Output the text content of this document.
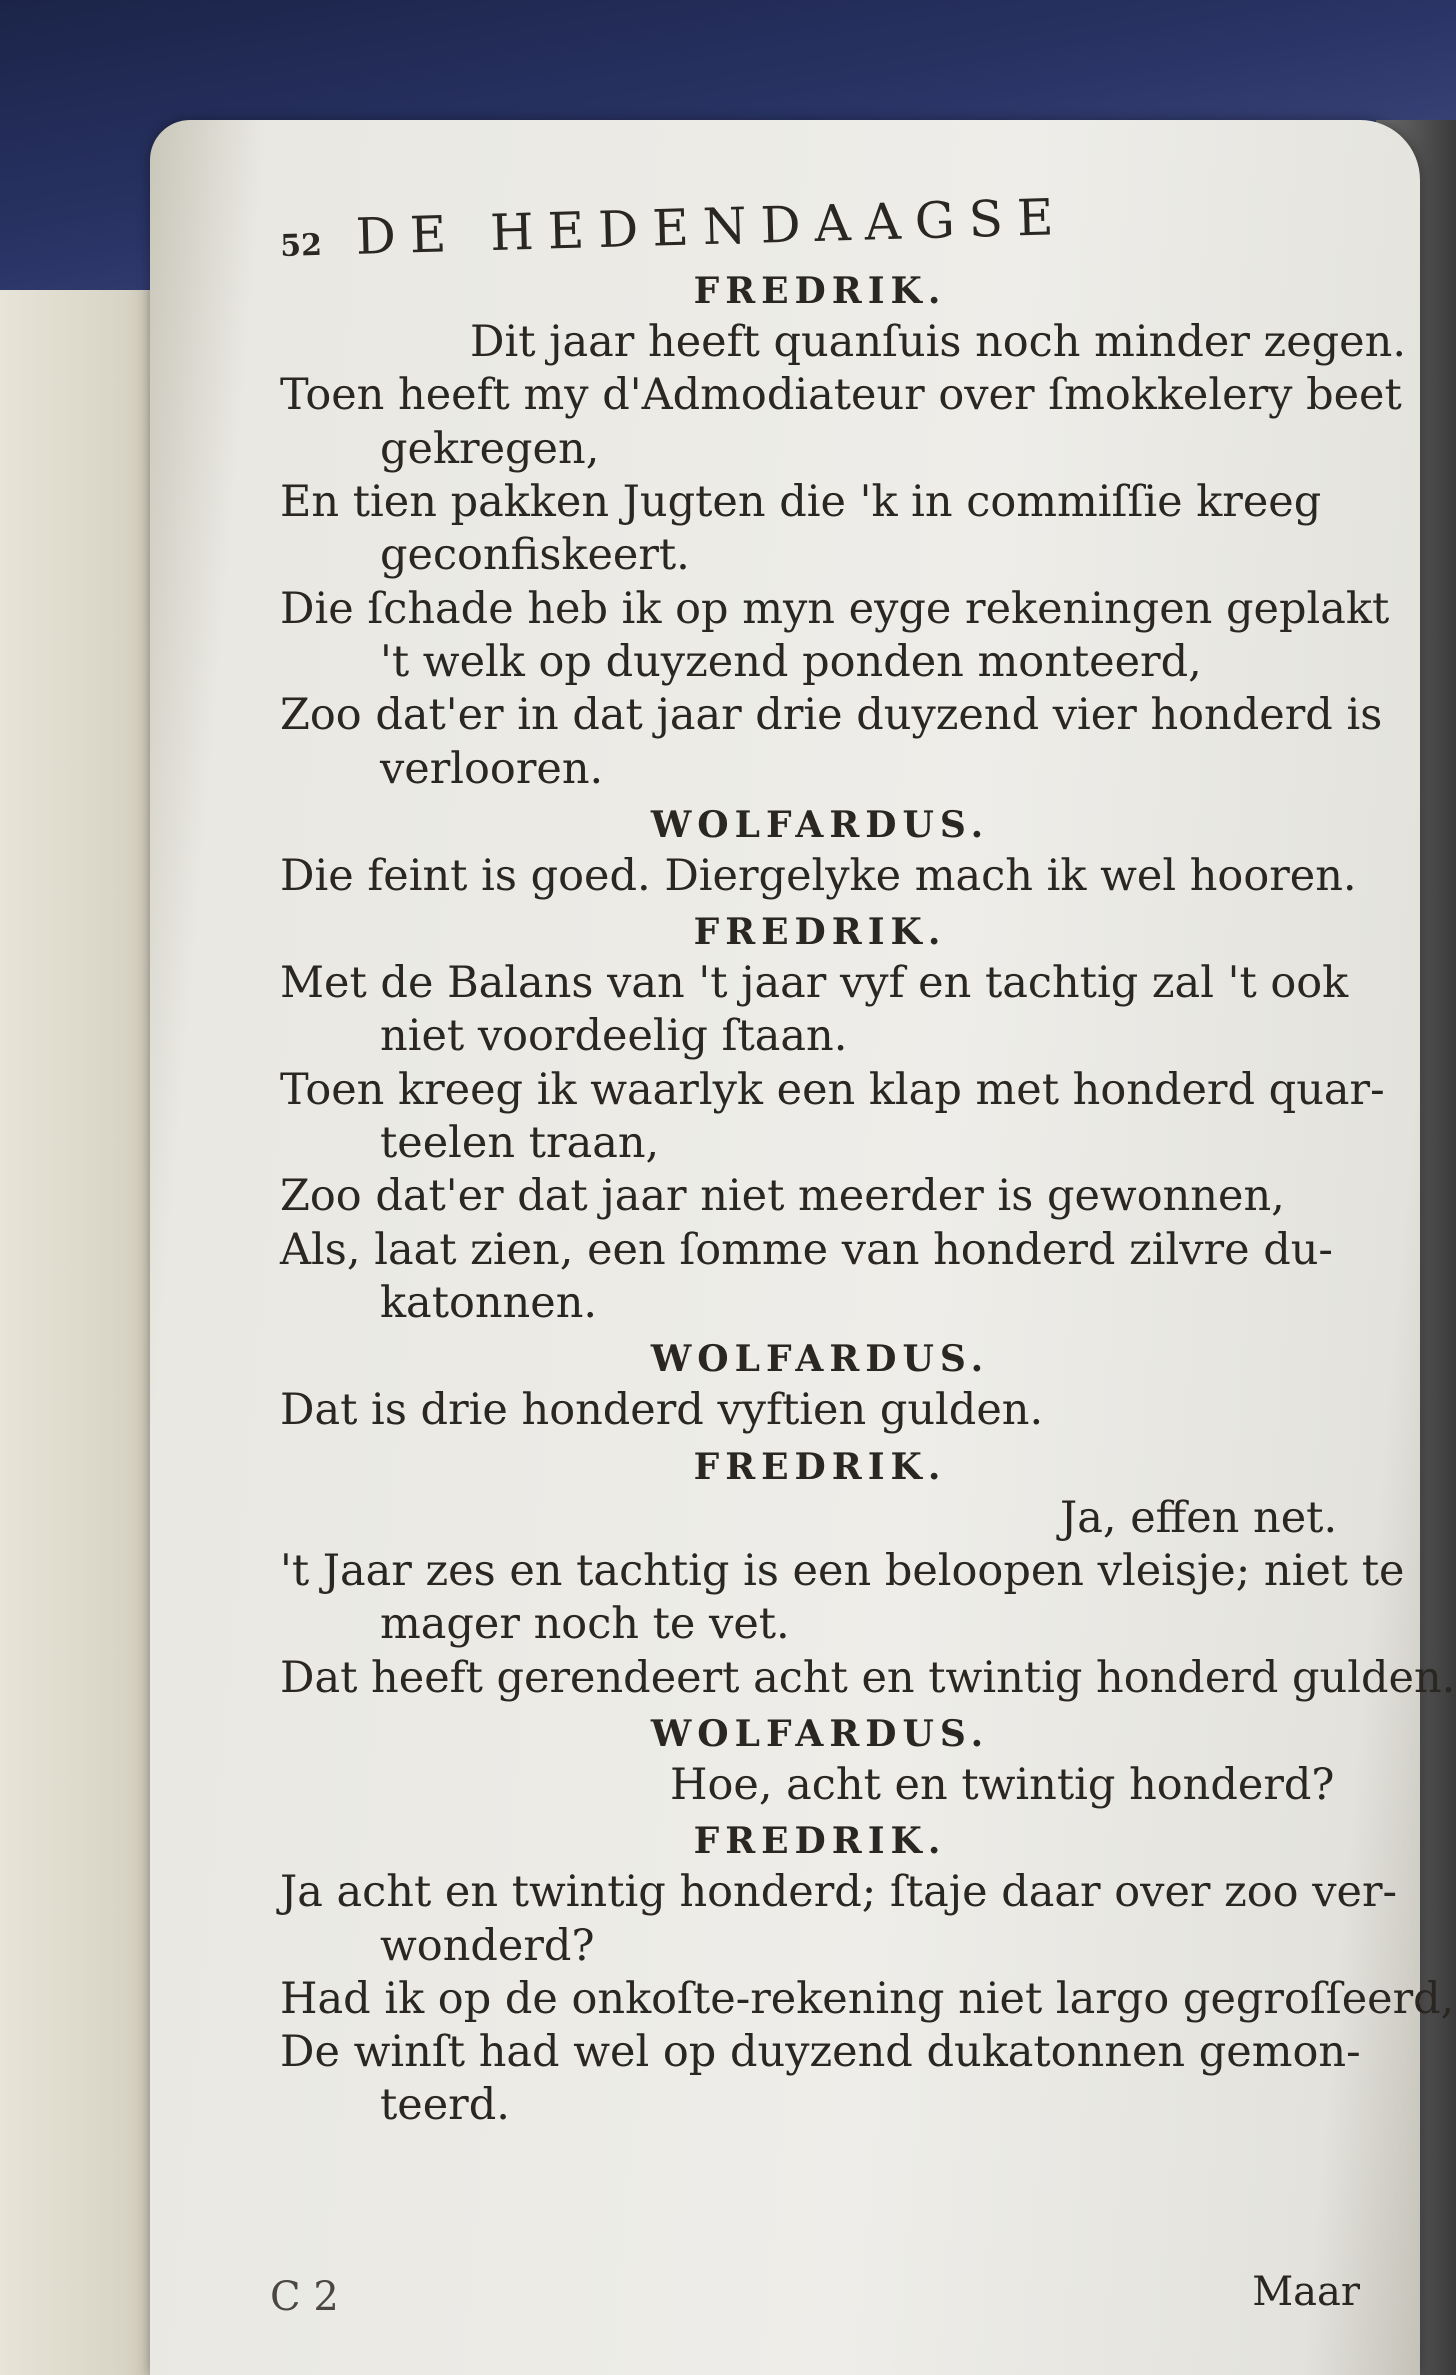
52 DE HEDENDAAGSE
FREDRIK.
Dit jaar heeft quanſuis noch minder zegen.
Toen heeft my d'Admodiateur over ſmokkelery beet
gekregen,
En tien pakken Jugten die 'k in commiſſie kreeg
geconfiskeert.
Die ſchade heb ik op myn eyge rekeningen geplakt
't welk op duyzend ponden monteerd,
Zoo dat'er in dat jaar drie duyzend vier honderd is
verlooren.
WOLFARDUS.
Die feint is goed. Diergelyke mach ik wel hooren.
FREDRIK.
Met de Balans van 't jaar vyf en tachtig zal 't ook
niet voordeelig ſtaan.
Toen kreeg ik waarlyk een klap met honderd quar-
teelen traan,
Zoo dat'er dat jaar niet meerder is gewonnen,
Als, laat zien, een ſomme van honderd zilvre du-
katonnen.
WOLFARDUS.
Dat is drie honderd vyftien gulden.
FREDRIK.
Ja, effen net.
't Jaar zes en tachtig is een beloopen vleisje; niet te
mager noch te vet.
Dat heeft gerendeert acht en twintig honderd gulden.
WOLFARDUS.
Hoe, acht en twintig honderd?
FREDRIK.
Ja acht en twintig honderd; ſtaje daar over zoo ver-
wonderd?
Had ik op de onkoſte-rekening niet largo gegroſſeerd,
De winſt had wel op duyzend dukatonnen gemon-
teerd.
C 2	Maar
